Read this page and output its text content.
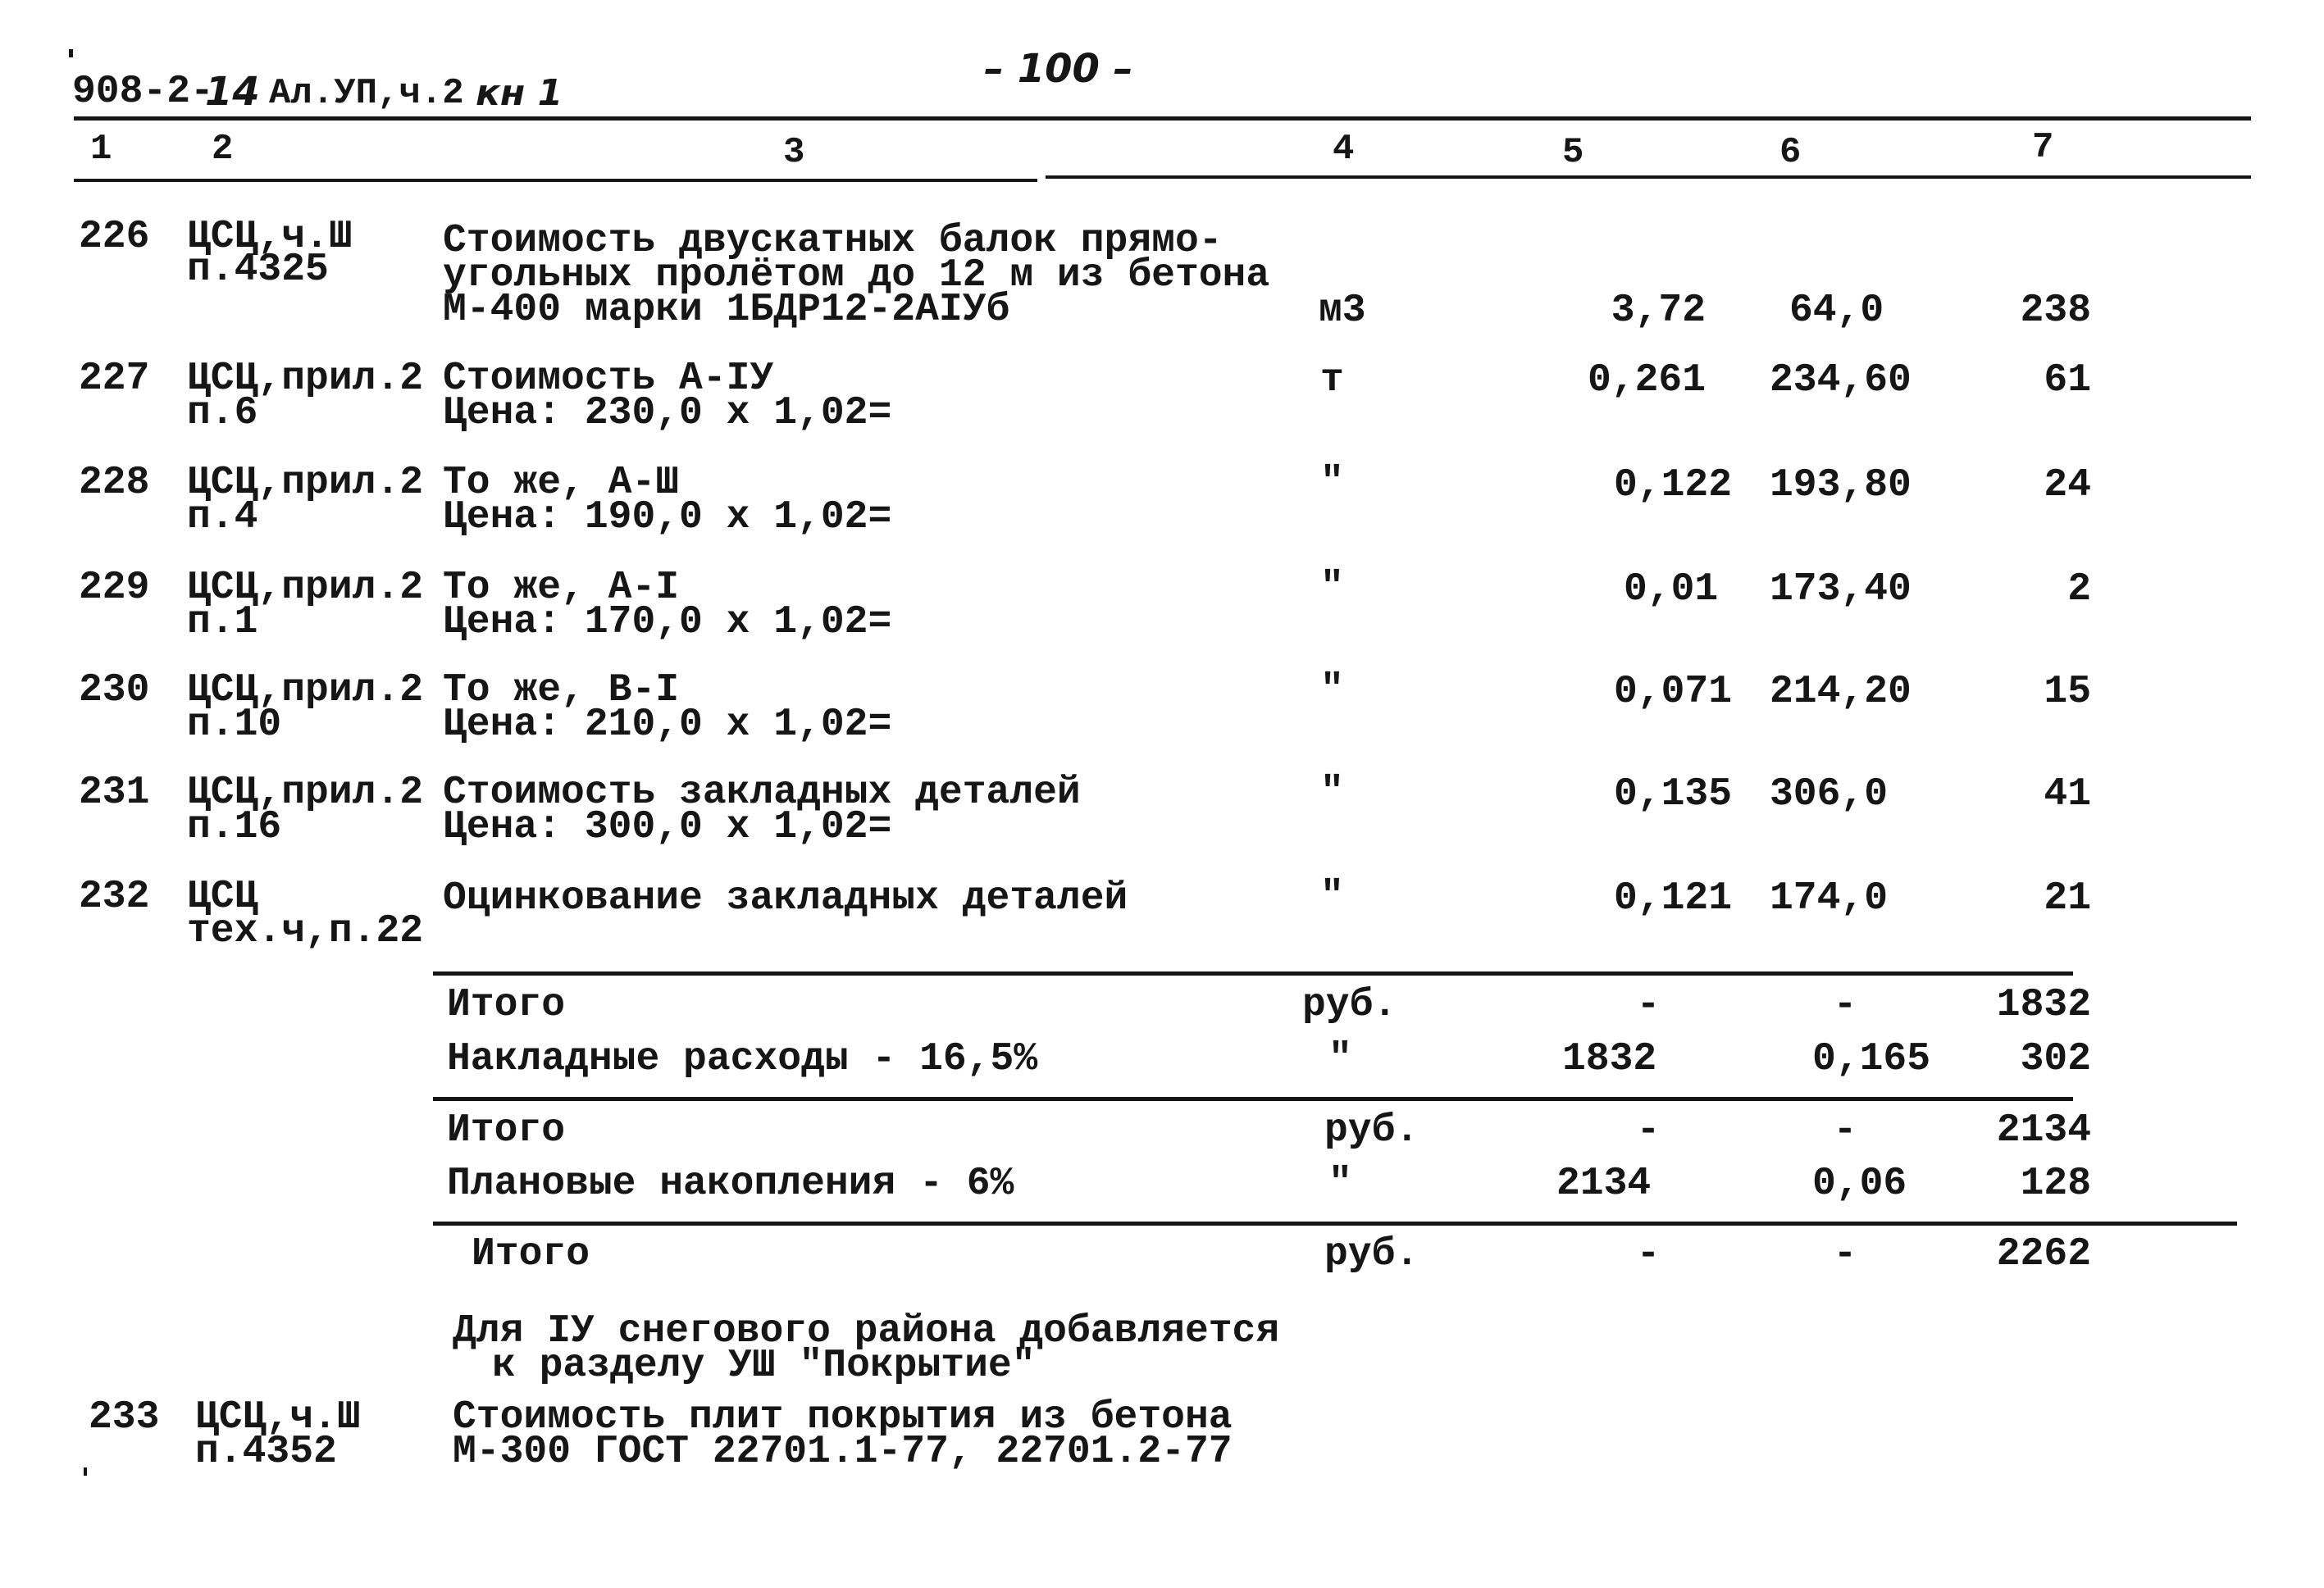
908-2-
14 Ал.УП,ч.2 кн 1
– 100 –
1	2	3	4	5	6	7
226 ЦСЦ,ч.Ш
п.4325
Стоимость двускатных балок прямо-
угольных пролётом до 12 м из бетона
М-400 марки 1БДР12-2АIУб	м3	3,72 64,0	238
227 ЦСЦ,прил.2
п.6
Стоимость А-IУ
Цена: 230,0 х 1,02=
т	0,261 234,60	61
228 ЦСЦ,прил.2
п.4
То же, А-Ш
Цена: 190,0 х 1,02=
"	0,122 193,80	24
229 ЦСЦ,прил.2
п.1
То же, А-I
Цена: 170,0 х 1,02=
"	0,01 173,40	2
230 ЦСЦ,прил.2
п.10
То же, В-I
Цена: 210,0 х 1,02=
"	0,071 214,20	15
231 ЦСЦ,прил.2
п.16
Стоимость закладных деталей
Цена: 300,0 х 1,02=
"	0,135 306,0	41
232 ЦСЦ
тех.ч,п.22
Оцинкование закладных деталей	"	0,121 174,0	21
Итого	руб.	-	-	1832
Накладные расходы - 16,5%	"	1832	0,165	302
Итого	руб.	-	-	2134
Плановые накопления - 6%	"	2134	0,06	128
Итого	руб.	-	-	2262
Для IУ снегового района добавляется
к разделу УШ "Покрытие"
233 ЦСЦ,ч.Ш
п.4352
Стоимость плит покрытия из бетона
М-300 ГОСТ 22701.1-77, 22701.2-77
